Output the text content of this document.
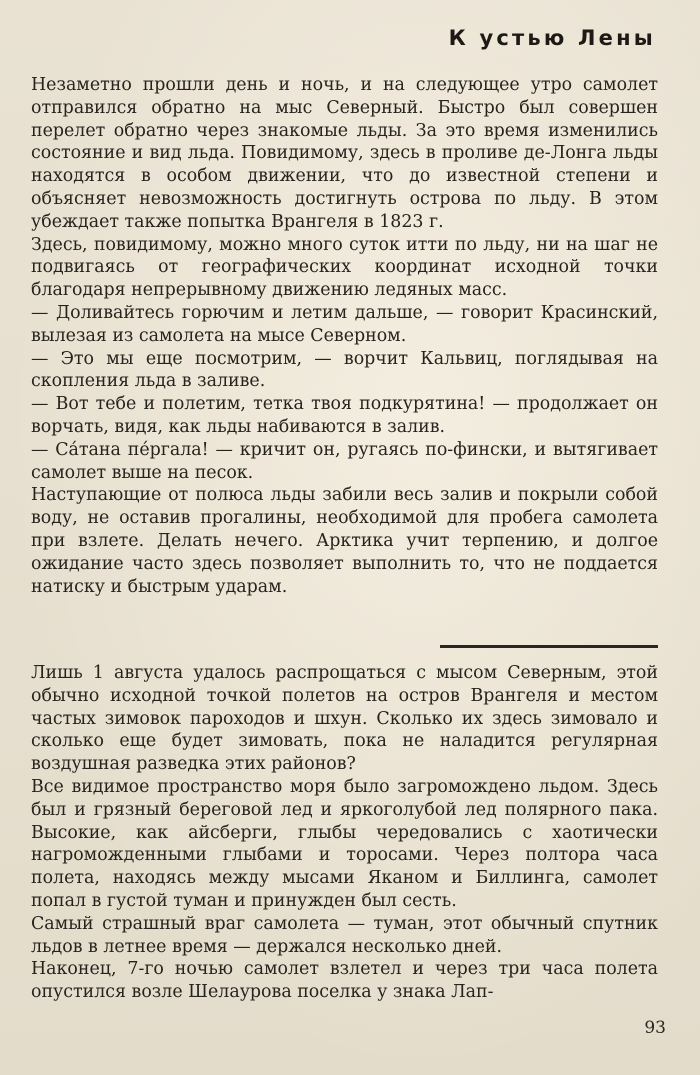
К устью Лены

Незаметно прошли день и ночь, и на следующее утро самолет отправился обратно на мыс Северный. Быстро был совершен перелет обратно через знакомые льды. За это время изменились состояние и вид льда. Повидимому, здесь в проливе де-Лонга льды находятся в особом движении, что до известной степени и объясняет невозможность достигнуть острова по льду. В этом убеждает также попытка Врангеля в 1823 г.

Здесь, повидимому, можно много суток итти по льду, ни на шаг не подвигаясь от географических координат исходной точки благодаря непрерывному движению ледяных масс.

— Доливайтесь горючим и летим дальше, — говорит Красинский, вылезая из самолета на мысе Северном.

— Это мы еще посмотрим, — ворчит Кальвиц, поглядывая на скопления льда в заливе.

— Вот тебе и полетим, тетка твоя подкурятина! — продолжает он ворчать, видя, как льды набиваются в залив.

— Сáтана пéргала! — кричит он, ругаясь по-фински, и вытягивает самолет выше на песок.

Наступающие от полюса льды забили весь залив и покрыли собой воду, не оставив прогалины, необходимой для пробега самолета при взлете. Делать нечего. Арктика учит терпению, и долгое ожидание часто здесь позволяет выполнить то, что не поддается натиску и быстрым ударам.

Лишь 1 августа удалось распрощаться с мысом Северным, этой обычно исходной точкой полетов на остров Врангеля и местом частых зимовок пароходов и шхун. Сколько их здесь зимовало и сколько еще будет зимовать, пока не наладится регулярная воздушная разведка этих районов?

Все видимое пространство моря было загромождено льдом. Здесь был и грязный береговой лед и яркоголубой лед полярного пака. Высокие, как айсберги, глыбы чередовались с хаотически нагроможденными глыбами и торосами. Через полтора часа полета, находясь между мысами Якaном и Биллинга, самолет попал в густой туман и принужден был сесть.

Самый страшный враг самолета — туман, этот обычный спутник льдов в летнее время — держался несколько дней.

Наконец, 7-го ночью самолет взлетел и через три часа полета опустился возле Шелаурова поселка у знака Лап-

93
